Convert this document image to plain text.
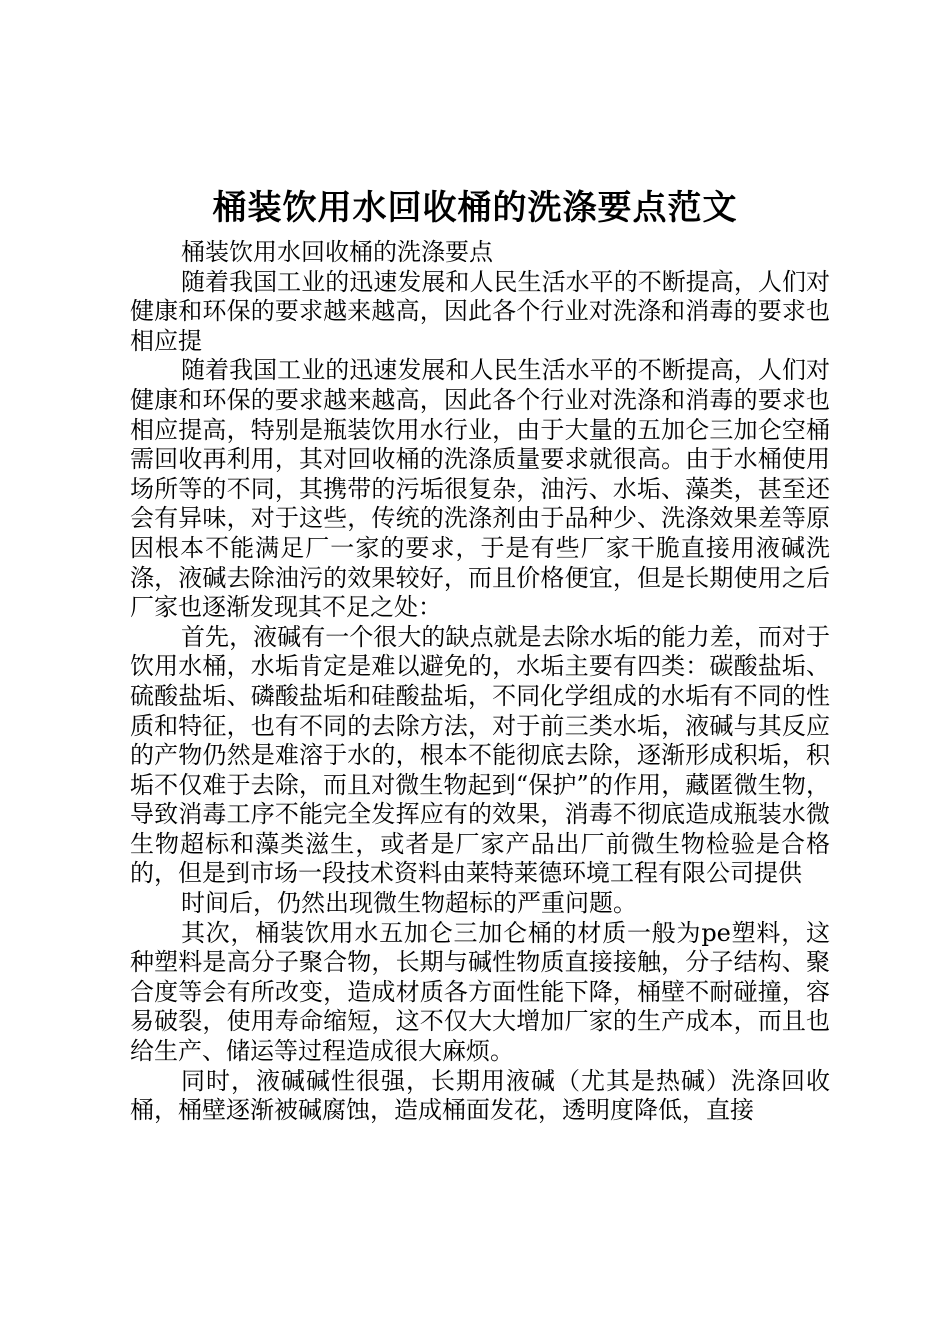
桶装饮用水回收桶的洗涤要点范文

桶装饮用水回收桶的洗涤要点

随着我国工业的迅速发展和人民生活水平的不断提高，人们对健康和环保的要求越来越高，因此各个行业对洗涤和消毒的要求也相应提

随着我国工业的迅速发展和人民生活水平的不断提高，人们对健康和环保的要求越来越高，因此各个行业对洗涤和消毒的要求也相应提高，特别是瓶装饮用水行业，由于大量的五加仑三加仑空桶需回收再利用，其对回收桶的洗涤质量要求就很高。由于水桶使用场所等的不同，其携带的污垢很复杂，油污、水垢、藻类，甚至还会有异味，对于这些，传统的洗涤剂由于品种少、洗涤效果差等原因根本不能满足厂一家的要求，于是有些厂家干脆直接用液碱洗涤，液碱去除油污的效果较好，而且价格便宜，但是长期使用之后厂家也逐渐发现其不足之处：

首先，液碱有一个很大的缺点就是去除水垢的能力差，而对于饮用水桶，水垢肯定是难以避免的，水垢主要有四类：碳酸盐垢、硫酸盐垢、磷酸盐垢和硅酸盐垢，不同化学组成的水垢有不同的性质和特征，也有不同的去除方法，对于前三类水垢，液碱与其反应的产物仍然是难溶于水的，根本不能彻底去除，逐渐形成积垢，积垢不仅难于去除，而且对微生物起到“保护”的作用，藏匿微生物，导致消毒工序不能完全发挥应有的效果，消毒不彻底造成瓶装水微生物超标和藻类滋生，或者是厂家产品出厂前微生物检验是合格的，但是到市场一段技术资料由莱特莱德环境工程有限公司提供

时间后，仍然出现微生物超标的严重问题。

其次，桶装饮用水五加仑三加仑桶的材质一般为pe塑料，这种塑料是高分子聚合物，长期与碱性物质直接接触，分子结构、聚合度等会有所改变，造成材质各方面性能下降，桶壁不耐碰撞，容易破裂，使用寿命缩短，这不仅大大增加厂家的生产成本，而且也给生产、储运等过程造成很大麻烦。

同时，液碱碱性很强，长期用液碱（尤其是热碱）洗涤回收桶，桶壁逐渐被碱腐蚀，造成桶面发花，透明度降低，直接
